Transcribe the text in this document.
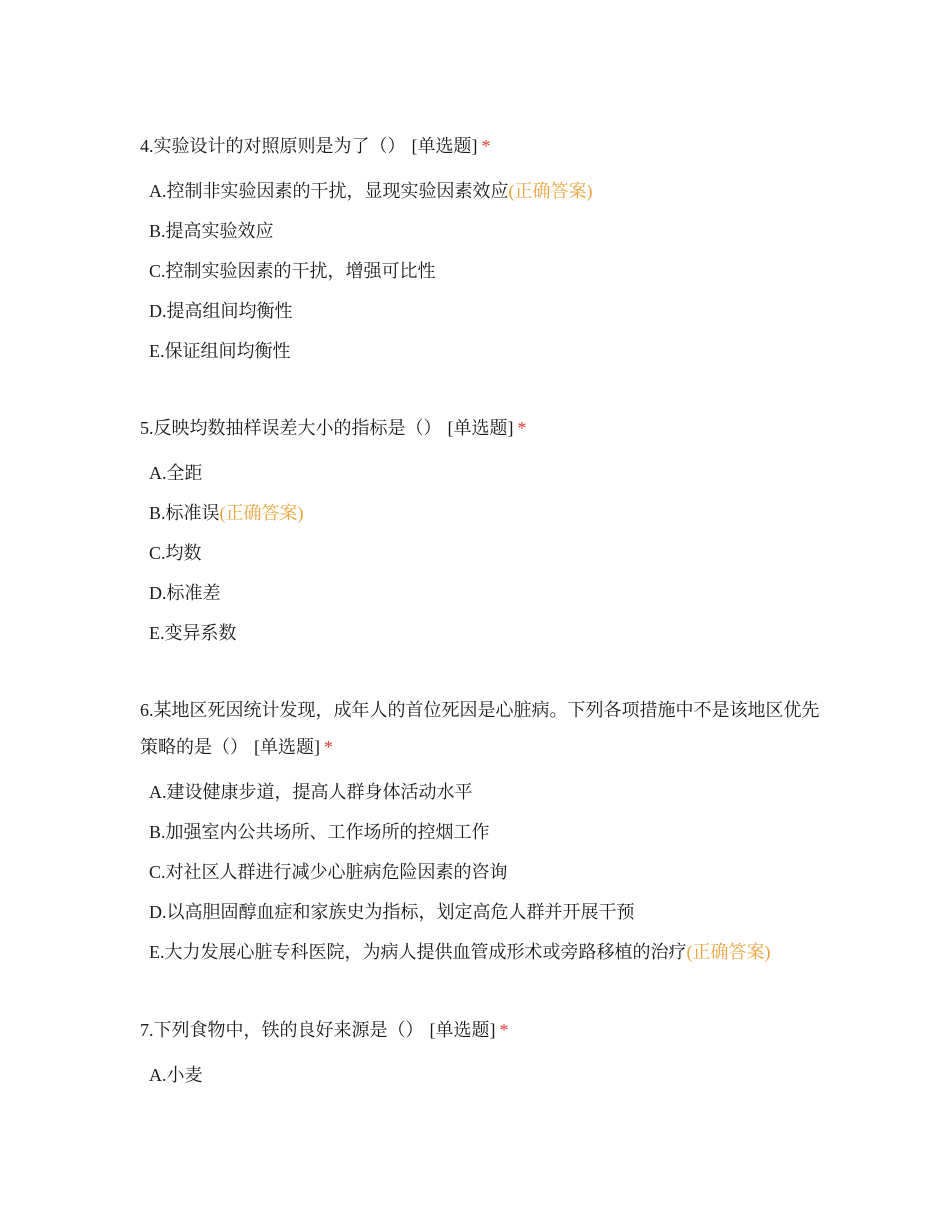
4.实验设计的对照原则是为了（） [单选题] *

A.控制非实验因素的干扰，显现实验因素效应(正确答案)
B.提高实验效应
C.控制实验因素的干扰，增强可比性
D.提高组间均衡性
E.保证组间均衡性

5.反映均数抽样误差大小的指标是（） [单选题] *

A.全距
B.标准误(正确答案)
C.均数
D.标准差
E.变异系数

6.某地区死因统计发现，成年人的首位死因是心脏病。下列各项措施中不是该地区优先策略的是（） [单选题] *

A.建设健康步道，提高人群身体活动水平
B.加强室内公共场所、工作场所的控烟工作
C.对社区人群进行减少心脏病危险因素的咨询
D.以高胆固醇血症和家族史为指标，划定高危人群并开展干预
E.大力发展心脏专科医院，为病人提供血管成形术或旁路移植的治疗(正确答案)

7.下列食物中，铁的良好来源是（） [单选题] *

A.小麦
